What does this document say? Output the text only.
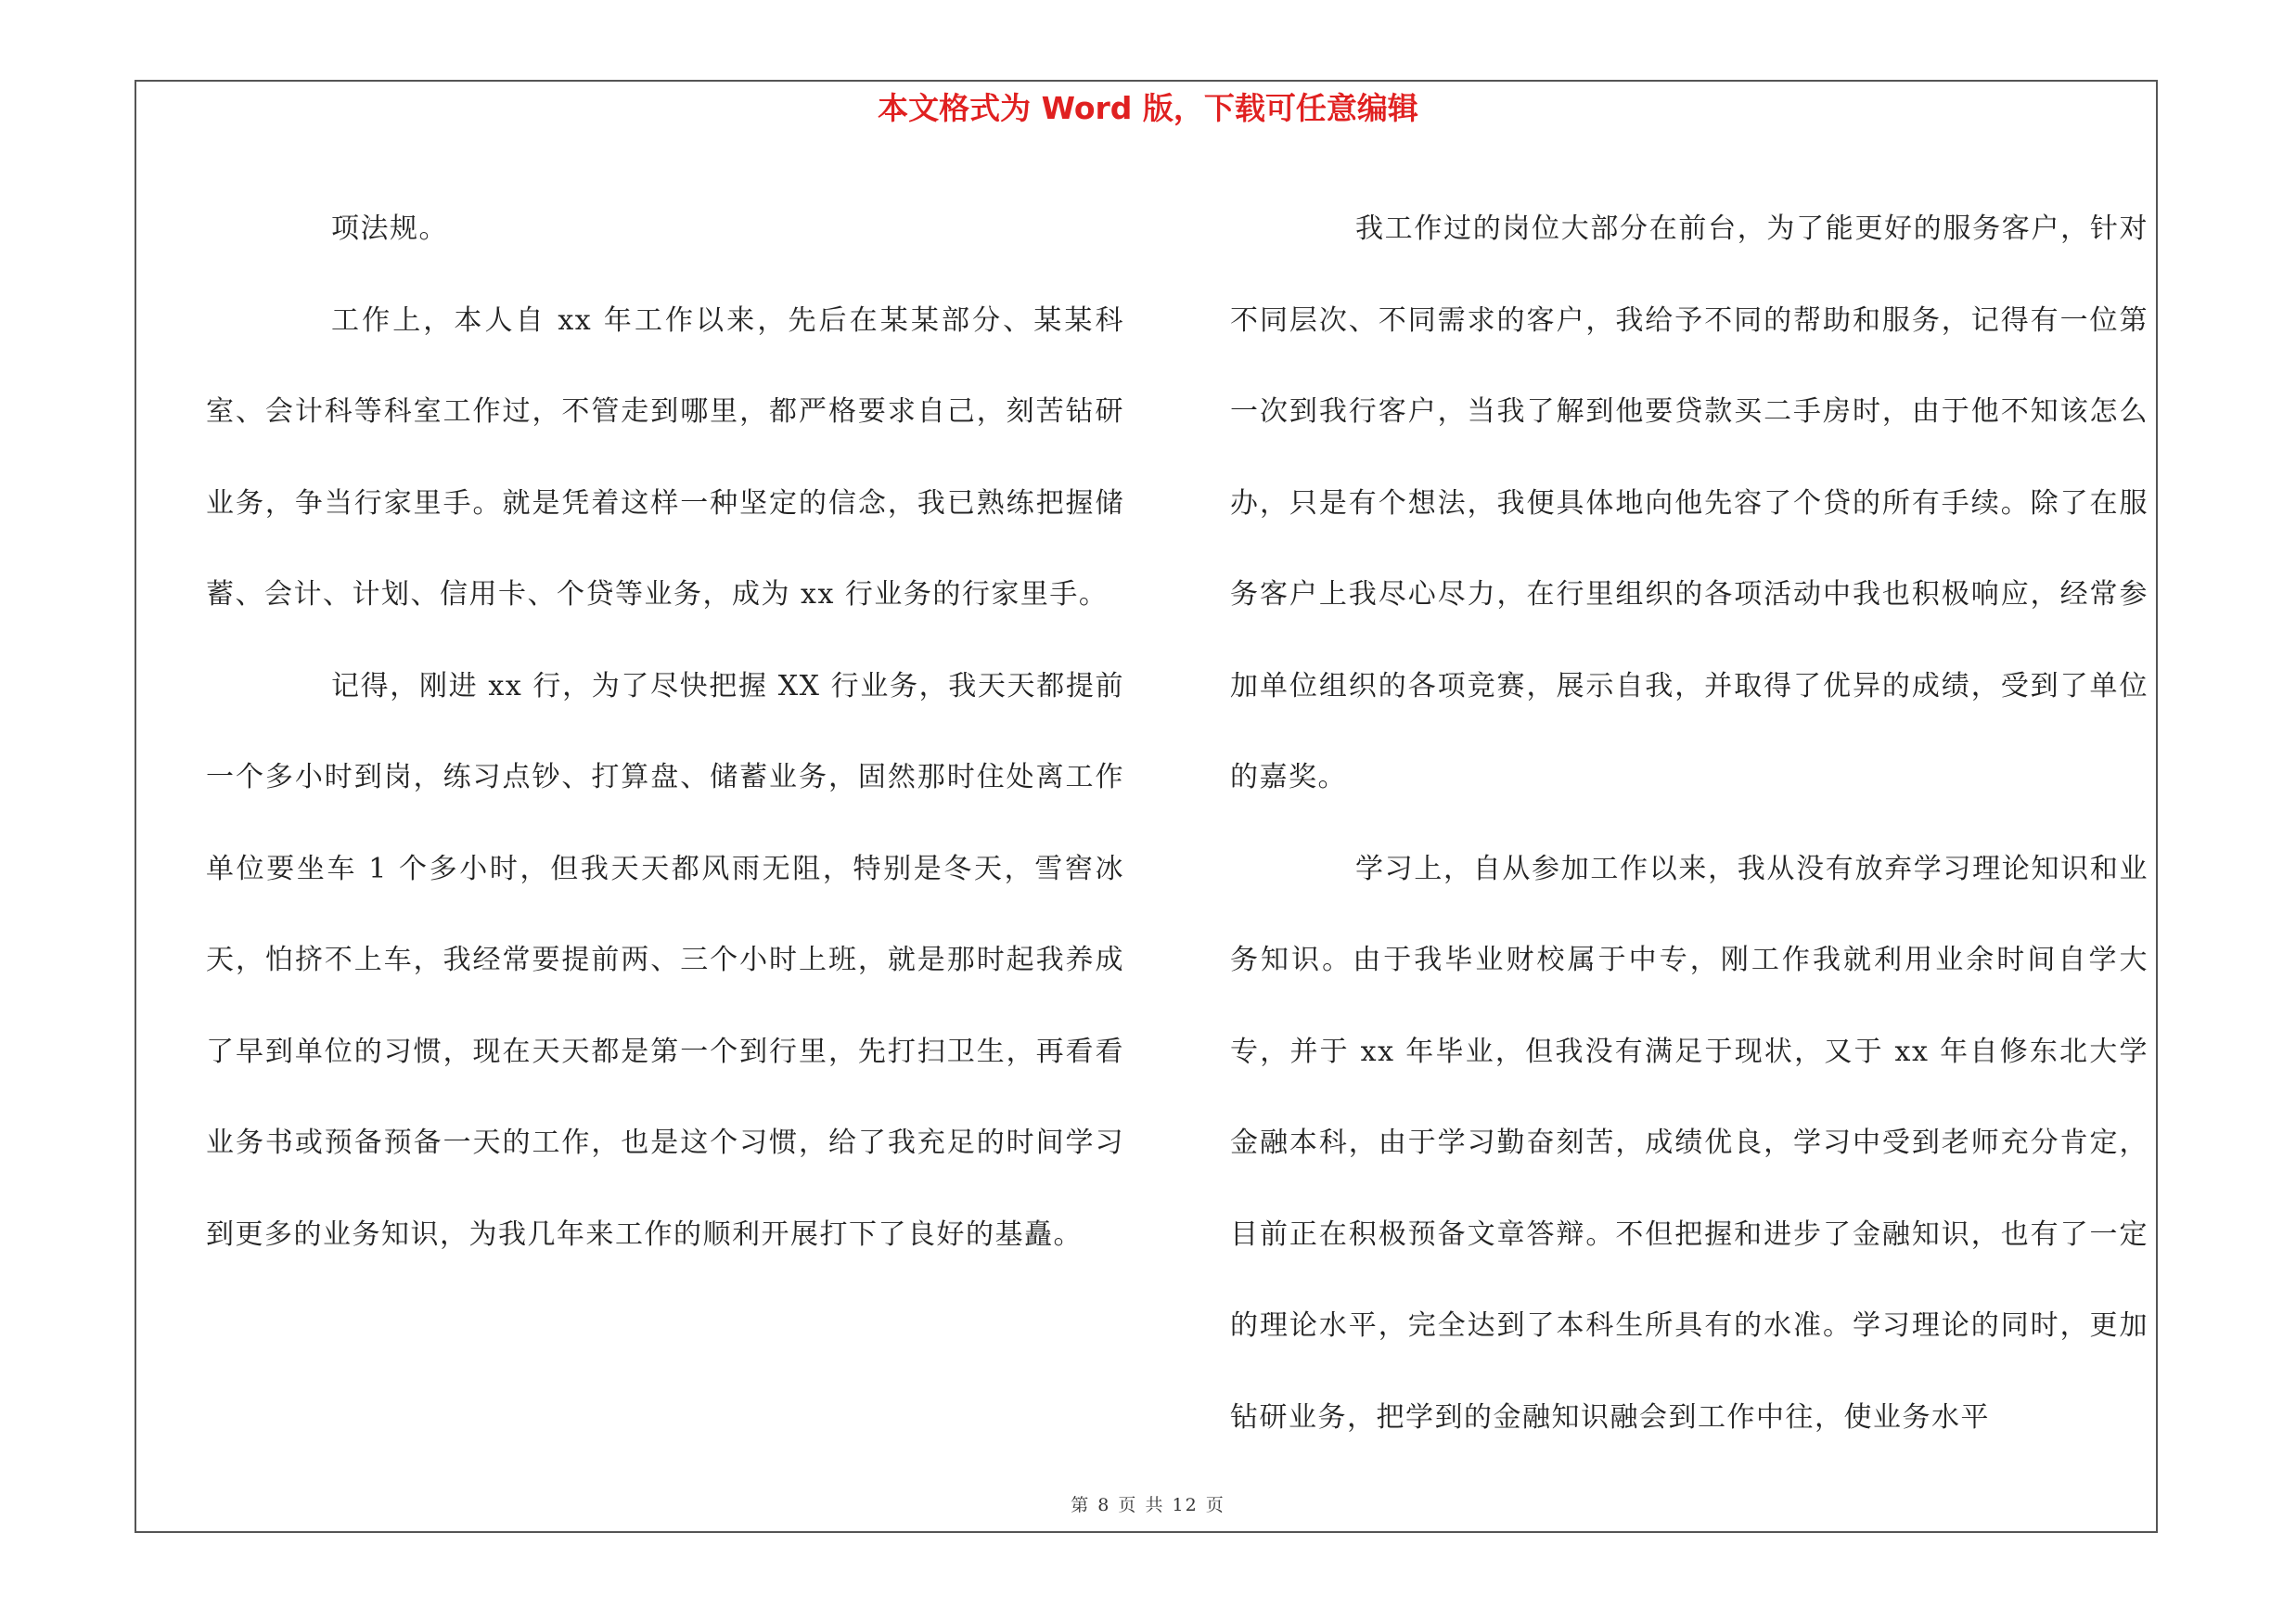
本文格式为 Word 版，下载可任意编辑

项法规。

工作上，本人自 xx 年工作以来，先后在某某部分、某某科室、会计科等科室工作过，不管走到哪里，都严格要求自己，刻苦钻研业务，争当行家里手。就是凭着这样一种坚定的信念，我已熟练把握储蓄、会计、计划、信用卡、个贷等业务，成为 xx 行业务的行家里手。

记得，刚进 xx 行，为了尽快把握 XX 行业务，我天天都提前一个多小时到岗，练习点钞、打算盘、储蓄业务，固然那时住处离工作单位要坐车 1 个多小时，但我天天都风雨无阻，特别是冬天，雪窖冰天，怕挤不上车，我经常要提前两、三个小时上班，就是那时起我养成了早到单位的习惯，现在天天都是第一个到行里，先打扫卫生，再看看业务书或预备预备一天的工作，也是这个习惯，给了我充足的时间学习到更多的业务知识，为我几年来工作的顺利开展打下了良好的基矗。

我工作过的岗位大部分在前台，为了能更好的服务客户，针对不同层次、不同需求的客户，我给予不同的帮助和服务，记得有一位第一次到我行客户，当我了解到他要贷款买二手房时，由于他不知该怎么办，只是有个想法，我便具体地向他先容了个贷的所有手续。除了在服务客户上我尽心尽力，在行里组织的各项活动中我也积极响应，经常参加单位组织的各项竞赛，展示自我，并取得了优异的成绩，受到了单位的嘉奖。

学习上，自从参加工作以来，我从没有放弃学习理论知识和业务知识。由于我毕业财校属于中专，刚工作我就利用业余时间自学大专，并于 xx 年毕业，但我没有满足于现状，又于 xx 年自修东北大学金融本科，由于学习勤奋刻苦，成绩优良，学习中受到老师充分肯定，目前正在积极预备文章答辩。不但把握和进步了金融知识，也有了一定的理论水平，完全达到了本科生所具有的水准。学习理论的同时，更加钻研业务，把学到的金融知识融会到工作中往，使业务水平

第 8 页 共 12 页
